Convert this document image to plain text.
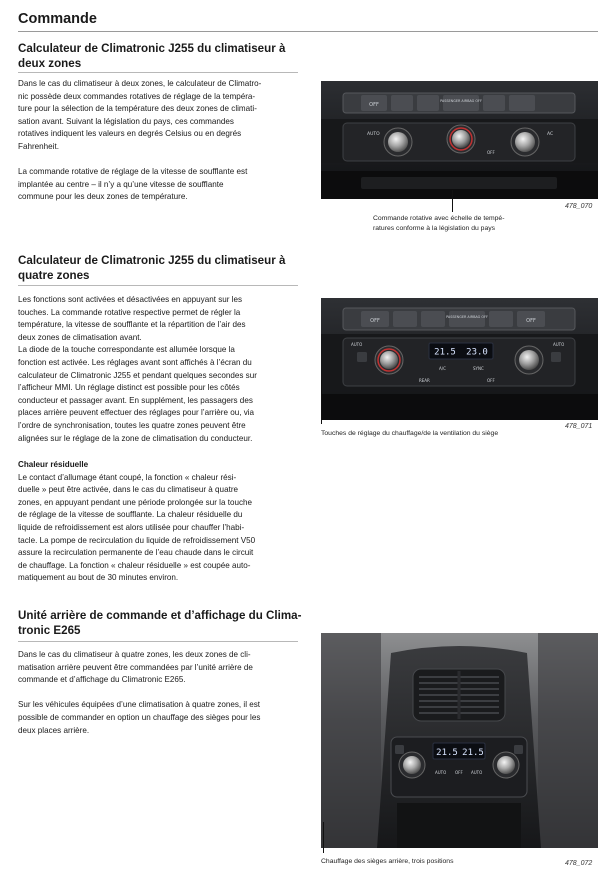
Commande
Calculateur de Climatronic J255 du climatiseur à
deux zones

Dans le cas du climatiseur à deux zones, le calculateur de Climatro-
nic possède deux commandes rotatives de réglage de la tempéra-
ture pour la sélection de la température des deux zones de climati-
sation avant. Suivant la législation du pays, ces commandes
rotatives indiquent les valeurs en degrés Celsius ou en degrés
Fahrenheit.

La commande rotative de réglage de la vitesse de soufflante est
implantée au centre – il n’y a qu’une vitesse de soufflante
commune pour les deux zones de température.

OFF
PASSENGER AIRBAG OFF
AUTO	AC
OFF
Commande rotative avec échelle de tempé-
ratures conforme à la législation du pays
478_070
Calculateur de Climatronic J255 du climatiseur à
quatre zones

Les fonctions sont activées et désactivées en appuyant sur les
touches. La commande rotative respective permet de régler la
température, la vitesse de soufflante et la répartition de l’air des
deux zones de climatisation avant.
La diode de la touche correspondante est allumée lorsque la
fonction est activée. Les réglages avant sont affichés à l’écran du
calculateur de Climatronic J255 et pendant quelques secondes sur
l’afficheur MMI. Un réglage distinct est possible pour les côtés
conducteur et passager avant. En supplément, les passagers des
places arrière peuvent effectuer des réglages pour l’arrière ou, via
l’ordre de synchronisation, toutes les quatre zones peuvent être
alignées sur le réglage de la zone de climatisation du conducteur.

Chaleur résiduelle
Le contact d’allumage étant coupé, la fonction « chaleur rési-
duelle » peut être activée, dans le cas du climatiseur à quatre
zones, en appuyant pendant une période prolongée sur la touche
de réglage de la vitesse de soufflante. La chaleur résiduelle du
liquide de refroidissement est alors utilisée pour chauffer l’habi-
tacle. La pompe de recirculation du liquide de refroidissement V50
assure la recirculation permanente de l’eau chaude dans le circuit
de chauffage. La fonction « chaleur résiduelle » est coupée auto-
matiquement au bout de 30 minutes environ.
OFF
PASSENGER AIRBAG OFF
OFF
21.5 23.0
AUTO	AUTO
A/C	SYNC
REAR	OFF
Touches de réglage du chauffage/de la ventilation du siège
478_071
Unité arrière de commande et d’affichage du Clima-
tronic E265

Dans le cas du climatiseur à quatre zones, les deux zones de cli-
matisation arrière peuvent être commandées par l’unité arrière de
commande et d’affichage du Climatronic E265.

Sur les véhicules équipées d’une climatisation à quatre zones, il est
possible de commander en option un chauffage des sièges pour les
deux places arrière.

21.5 21.5
AUTO OFF AUTO
Chauffage des sièges arrière, trois positions	478_072
